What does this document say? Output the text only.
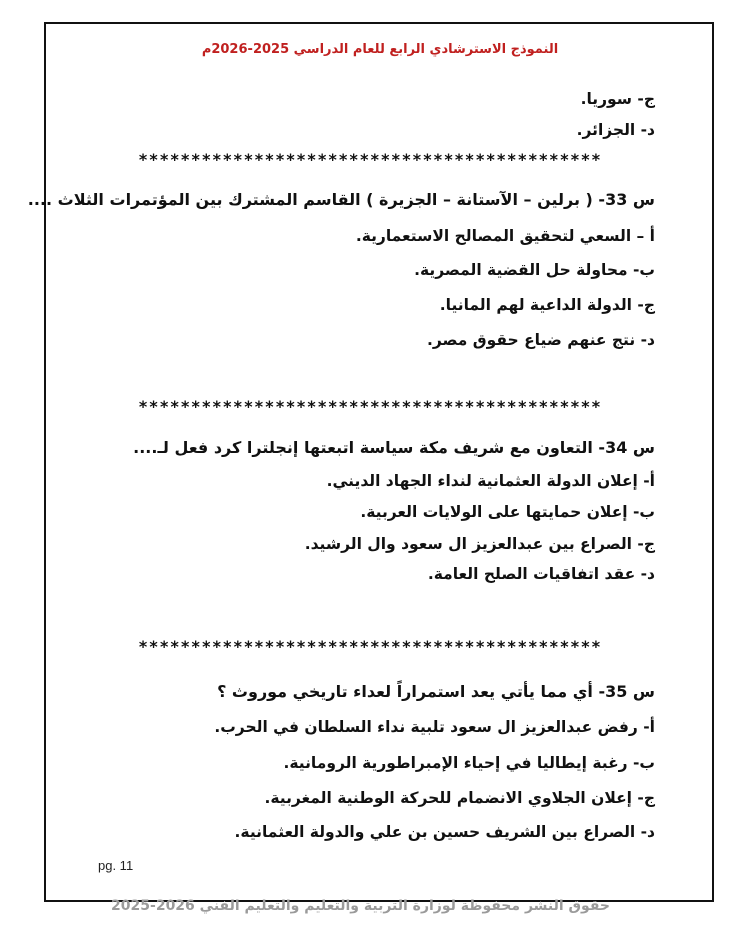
النموذج الاسترشادي الرابع للعام الدراسي 2025-2026م
ج- سوريا.
د- الجزائر.
********************************************
س 33- ( برلين – الآستانة – الجزيرة ) القاسم المشترك بين المؤتمرات الثلاث ....
أ – السعي لتحقيق المصالح الاستعمارية.
ب- محاولة حل القضية المصرية.
ج- الدولة الداعية لهم المانيا.
د- نتج عنهم ضياع حقوق مصر.
********************************************
س 34- التعاون مع شريف مكة سياسة اتبعتها إنجلترا كرد فعل لـ....
أ- إعلان الدولة العثمانية لنداء الجهاد الديني.
ب- إعلان حمايتها على الولايات العربية.
ج- الصراع بين عبدالعزيز ال سعود وال الرشيد.
د- عقد اتفاقيات الصلح العامة.
********************************************
س 35- أي مما يأتي يعد استمراراً لعداء تاريخي موروث ؟
أ- رفض عبدالعزيز ال سعود تلبية نداء السلطان في الحرب.
ب- رغبة إيطاليا في إحياء الإمبراطورية الرومانية.
ج- إعلان الجلاوي الانضمام للحركة الوطنية المغربية.
د- الصراع بين الشريف حسين بن علي والدولة العثمانية.
pg. 11
حقوق النشر محفوظة لوزارة التربية والتعليم والتعليم الفني 2026-2025
